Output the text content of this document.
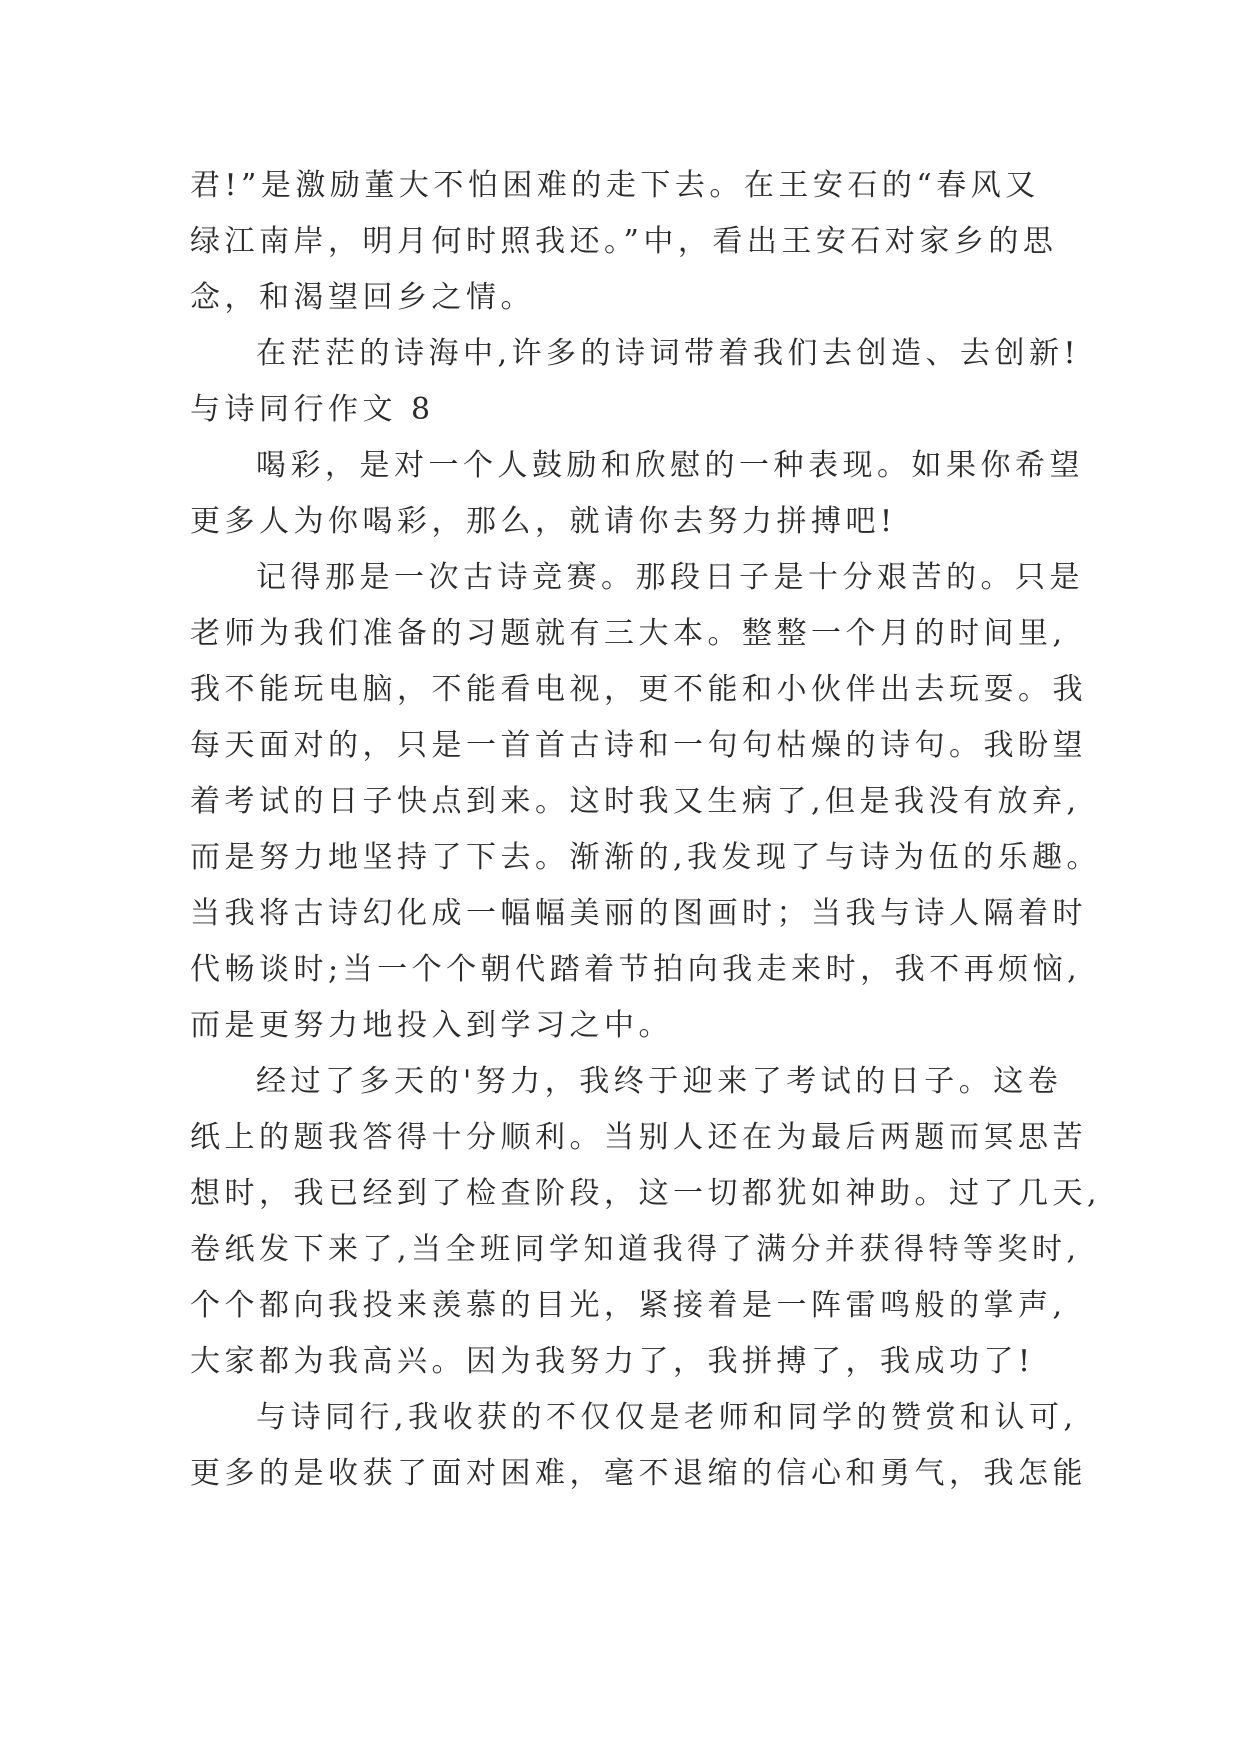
君!”是激励董大不怕困难的走下去。在王安石的“春风又
绿江南岸，明月何时照我还。”中，看出王安石对家乡的思
念，和渴望回乡之情。
在茫茫的诗海中,许多的诗词带着我们去创造、去创新!
与诗同行作文 8
喝彩，是对一个人鼓励和欣慰的一种表现。如果你希望
更多人为你喝彩，那么，就请你去努力拼搏吧!
记得那是一次古诗竞赛。那段日子是十分艰苦的。只是
老师为我们准备的习题就有三大本。整整一个月的时间里,
我不能玩电脑，不能看电视，更不能和小伙伴出去玩耍。我
每天面对的，只是一首首古诗和一句句枯燥的诗句。我盼望
着考试的日子快点到来。这时我又生病了,但是我没有放弃,
而是努力地坚持了下去。渐渐的,我发现了与诗为伍的乐趣。
当我将古诗幻化成一幅幅美丽的图画时；当我与诗人隔着时
代畅谈时;当一个个朝代踏着节拍向我走来时，我不再烦恼,
而是更努力地投入到学习之中。
经过了多天的'努力，我终于迎来了考试的日子。这卷
纸上的题我答得十分顺利。当别人还在为最后两题而冥思苦
想时，我已经到了检查阶段，这一切都犹如神助。过了几天,
卷纸发下来了,当全班同学知道我得了满分并获得特等奖时,
个个都向我投来羡慕的目光，紧接着是一阵雷鸣般的掌声,
大家都为我高兴。因为我努力了，我拼搏了，我成功了!
与诗同行,我收获的不仅仅是老师和同学的赞赏和认可,
更多的是收获了面对困难，毫不退缩的信心和勇气，我怎能
